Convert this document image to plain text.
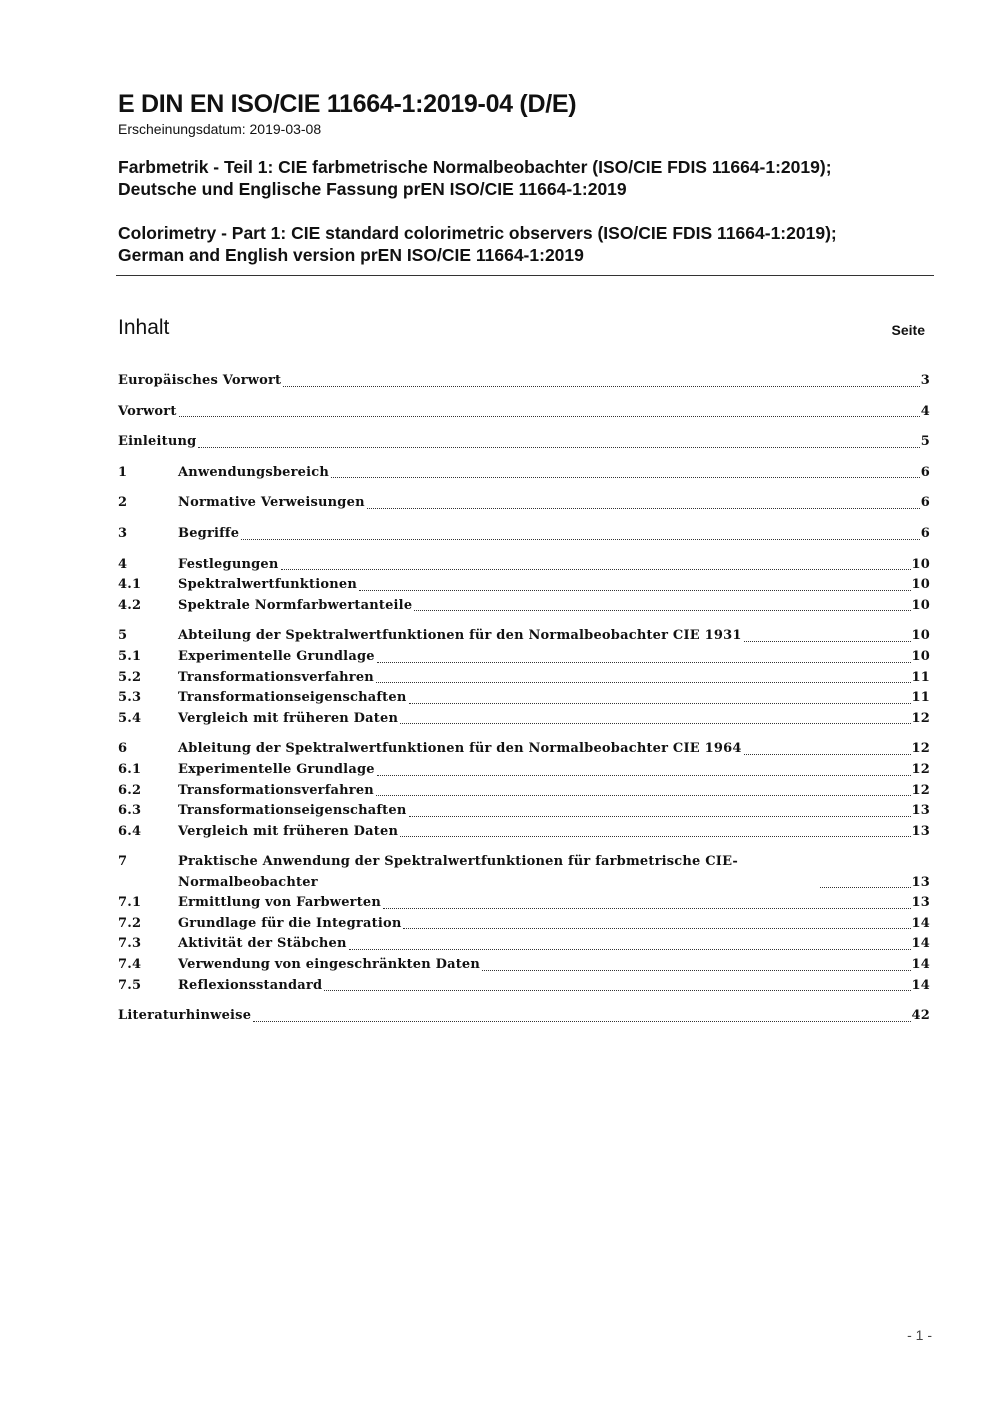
E DIN EN ISO/CIE 11664-1:2019-04 (D/E)

Erscheinungsdatum: 2019-03-08

Farbmetrik - Teil 1: CIE farbmetrische Normalbeobachter (ISO/CIE FDIS 11664-1:2019); Deutsche und Englische Fassung prEN ISO/CIE 11664-1:2019

Colorimetry - Part 1: CIE standard colorimetric observers (ISO/CIE FDIS 11664-1:2019); German and English version prEN ISO/CIE 11664-1:2019

Inhalt	Seite
Europäisches Vorwort	3
Vorwort	4
Einleitung	5
1	Anwendungsbereich	6
2	Normative Verweisungen	6
3	Begriffe	6
4	Festlegungen	10
4.1	Spektralwertfunktionen	10
4.2	Spektrale Normfarbwertanteile	10
5	Abteilung der Spektralwertfunktionen für den Normalbeobachter CIE 1931	10
5.1	Experimentelle Grundlage	10
5.2	Transformationsverfahren	11
5.3	Transformationseigenschaften	11
5.4	Vergleich mit früheren Daten	12
6	Ableitung der Spektralwertfunktionen für den Normalbeobachter CIE 1964	12
6.1	Experimentelle Grundlage	12
6.2	Transformationsverfahren	12
6.3	Transformationseigenschaften	13
6.4	Vergleich mit früheren Daten	13
7	Praktische Anwendung der Spektralwertfunktionen für farbmetrische CIE-
Normalbeobachter	13
7.1	Ermittlung von Farbwerten	13
7.2	Grundlage für die Integration	14
7.3	Aktivität der Stäbchen	14
7.4	Verwendung von eingeschränkten Daten	14
7.5	Reflexionsstandard	14
Literaturhinweise	42
- 1 -
